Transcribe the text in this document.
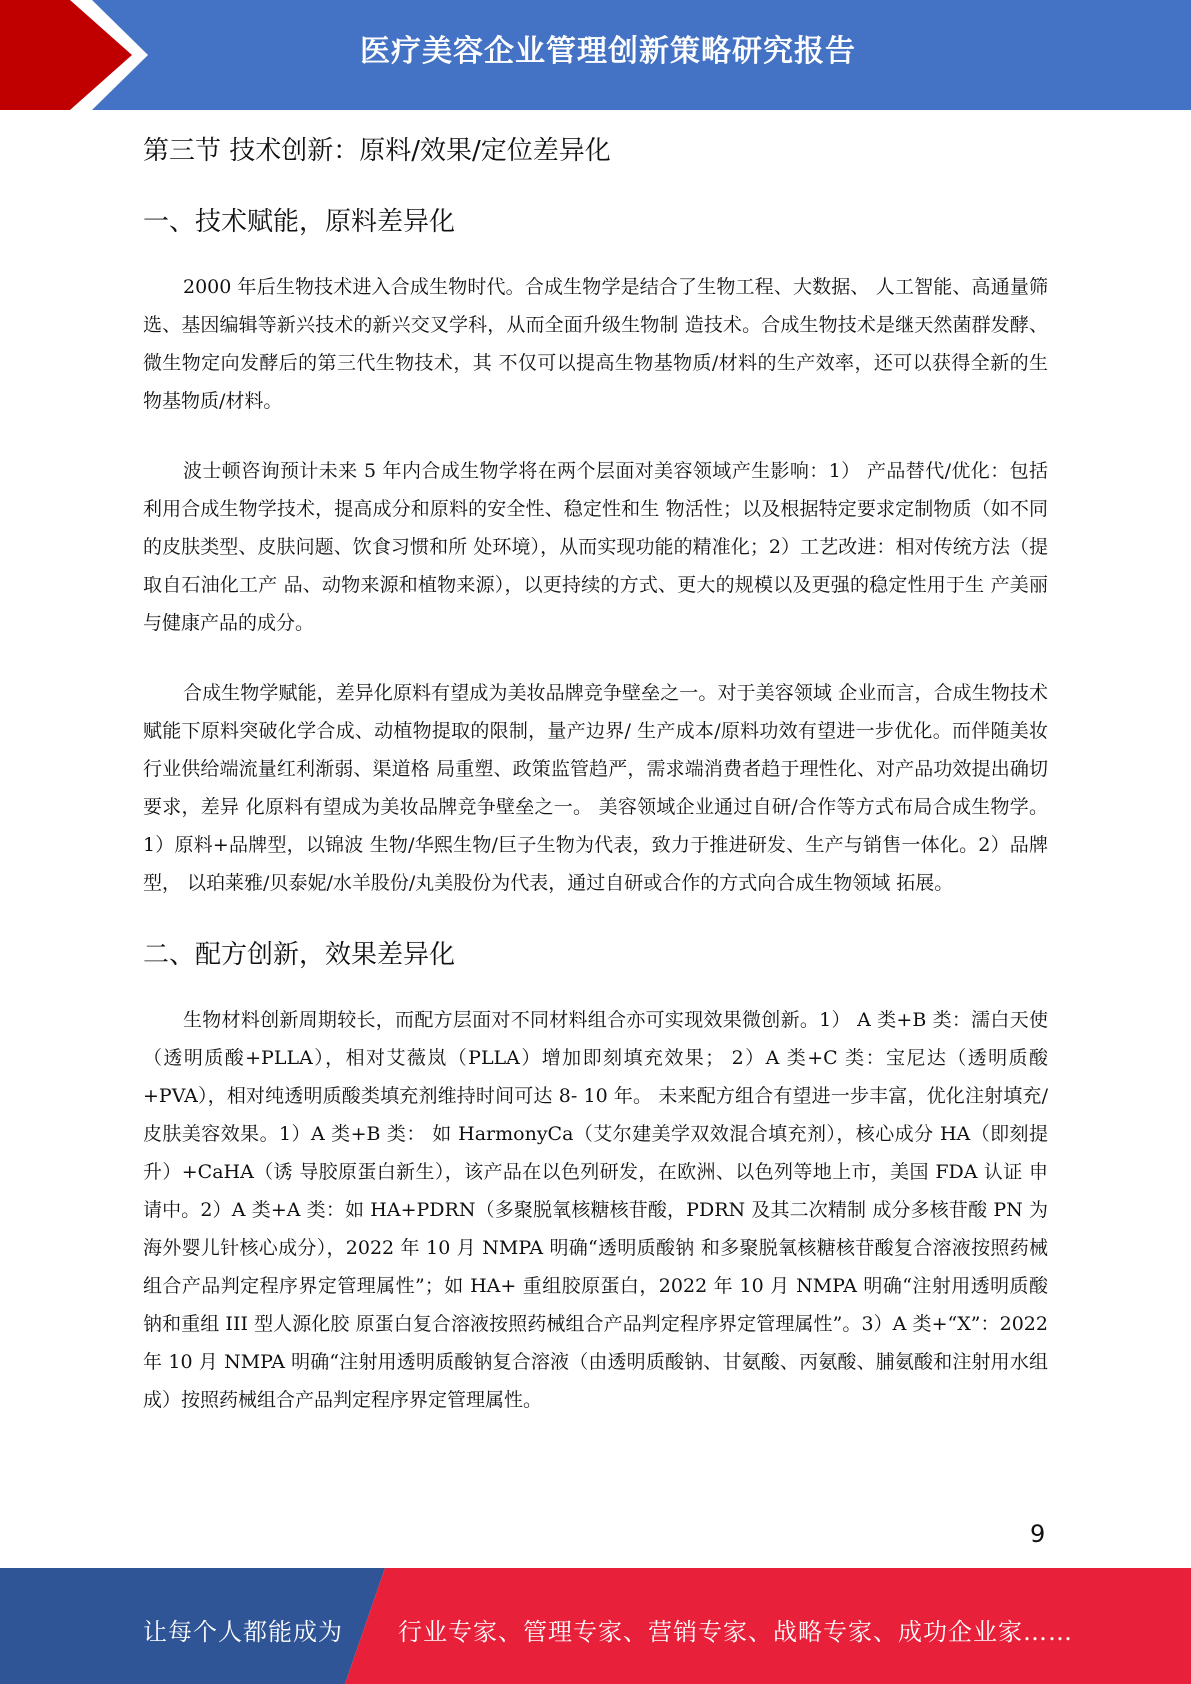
医疗美容企业管理创新策略研究报告
第三节 技术创新：原料/效果/定位差异化
一、技术赋能，原料差异化

2000 年后生物技术进入合成生物时代。合成生物学是结合了生物工程、大数据、 人工智能、高通量筛选、基因编辑等新兴技术的新兴交叉学科，从而全面升级生物制 造技术。合成生物技术是继天然菌群发酵、微生物定向发酵后的第三代生物技术，其 不仅可以提高生物基物质/材料的生产效率，还可以获得全新的生物基物质/材料。

波士顿咨询预计未来 5 年内合成生物学将在两个层面对美容领域产生影响：1） 产品替代/优化：包括利用合成生物学技术，提高成分和原料的安全性、稳定性和生 物活性；以及根据特定要求定制物质（如不同的皮肤类型、皮肤问题、饮食习惯和所 处环境），从而实现功能的精准化；2）工艺改进：相对传统方法（提取自石油化工产 品、动物来源和植物来源），以更持续的方式、更大的规模以及更强的稳定性用于生 产美丽与健康产品的成分。

合成生物学赋能，差异化原料有望成为美妆品牌竞争壁垒之一。对于美容领域 企业而言，合成生物技术赋能下原料突破化学合成、动植物提取的限制，量产边界/ 生产成本/原料功效有望进一步优化。而伴随美妆行业供给端流量红利渐弱、渠道格 局重塑、政策监管趋严，需求端消费者趋于理性化、对产品功效提出确切要求，差异 化原料有望成为美妆品牌竞争壁垒之一。 美容领域企业通过自研/合作等方式布局合成生物学。1）原料+品牌型，以锦波 生物/华熙生物/巨子生物为代表，致力于推进研发、生产与销售一体化。2）品牌型， 以珀莱雅/贝泰妮/水羊股份/丸美股份为代表，通过自研或合作的方式向合成生物领域 拓展。

二、配方创新，效果差异化

生物材料创新周期较长，而配方层面对不同材料组合亦可实现效果微创新。1） A 类+B 类：濡白天使（透明质酸+PLLA），相对艾薇岚（PLLA）增加即刻填充效果； 2）A 类+C 类：宝尼达（透明质酸+PVA），相对纯透明质酸类填充剂维持时间可达 8- 10 年。 未来配方组合有望进一步丰富，优化注射填充/皮肤美容效果。1）A 类+B 类： 如 HarmonyCa（艾尔建美学双效混合填充剂），核心成分 HA（即刻提升）+CaHA（诱 导胶原蛋白新生），该产品在以色列研发，在欧洲、以色列等地上市，美国 FDA 认证 申请中。2）A 类+A 类：如 HA+PDRN（多聚脱氧核糖核苷酸，PDRN 及其二次精制 成分多核苷酸 PN 为海外婴儿针核心成分），2022 年 10 月 NMPA 明确“透明质酸钠 和多聚脱氧核糖核苷酸复合溶液按照药械组合产品判定程序界定管理属性”；如 HA+ 重组胶原蛋白，2022 年 10 月 NMPA 明确“注射用透明质酸钠和重组 III 型人源化胶 原蛋白复合溶液按照药械组合产品判定程序界定管理属性”。3）A 类+“X”：2022 年 10 月 NMPA 明确“注射用透明质酸钠复合溶液（由透明质酸钠、甘氨酸、丙氨酸、脯氨酸和注射用水组成）按照药械组合产品判定程序界定管理属性。

9
让每个人都能成为 行业专家、管理专家、营销专家、战略专家、成功企业家……
